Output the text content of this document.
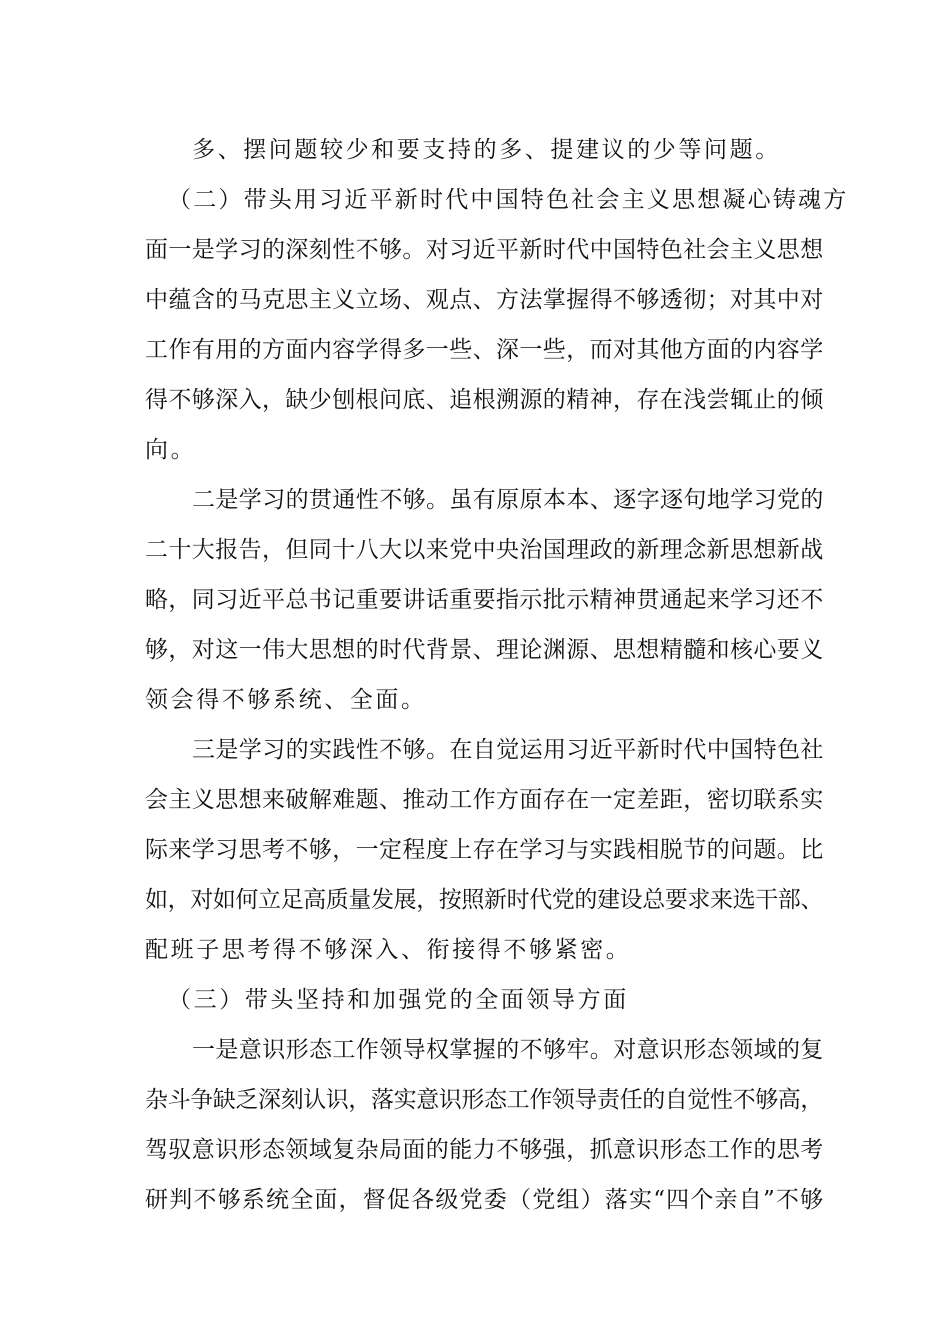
多、摆问题较少和要支持的多、提建议的少等问题。
（二）带头用习近平新时代中国特色社会主义思想凝心铸魂方
面一是学习的深刻性不够。对习近平新时代中国特色社会主义思想
中蕴含的马克思主义立场、观点、方法掌握得不够透彻；对其中对
工作有用的方面内容学得多一些、深一些，而对其他方面的内容学
得不够深入，缺少刨根问底、追根溯源的精神，存在浅尝辄止的倾
向。
二是学习的贯通性不够。虽有原原本本、逐字逐句地学习党的
二十大报告，但同十八大以来党中央治国理政的新理念新思想新战
略，同习近平总书记重要讲话重要指示批示精神贯通起来学习还不
够，对这一伟大思想的时代背景、理论渊源、思想精髓和核心要义
领会得不够系统、全面。
三是学习的实践性不够。在自觉运用习近平新时代中国特色社
会主义思想来破解难题、推动工作方面存在一定差距，密切联系实
际来学习思考不够，一定程度上存在学习与实践相脱节的问题。比
如，对如何立足高质量发展，按照新时代党的建设总要求来选干部、
配班子思考得不够深入、衔接得不够紧密。
（三）带头坚持和加强党的全面领导方面
一是意识形态工作领导权掌握的不够牢。对意识形态领域的复
杂斗争缺乏深刻认识，落实意识形态工作领导责任的自觉性不够高，
驾驭意识形态领域复杂局面的能力不够强，抓意识形态工作的思考
研判不够系统全面，督促各级党委（党组）落实“四个亲自”不够
